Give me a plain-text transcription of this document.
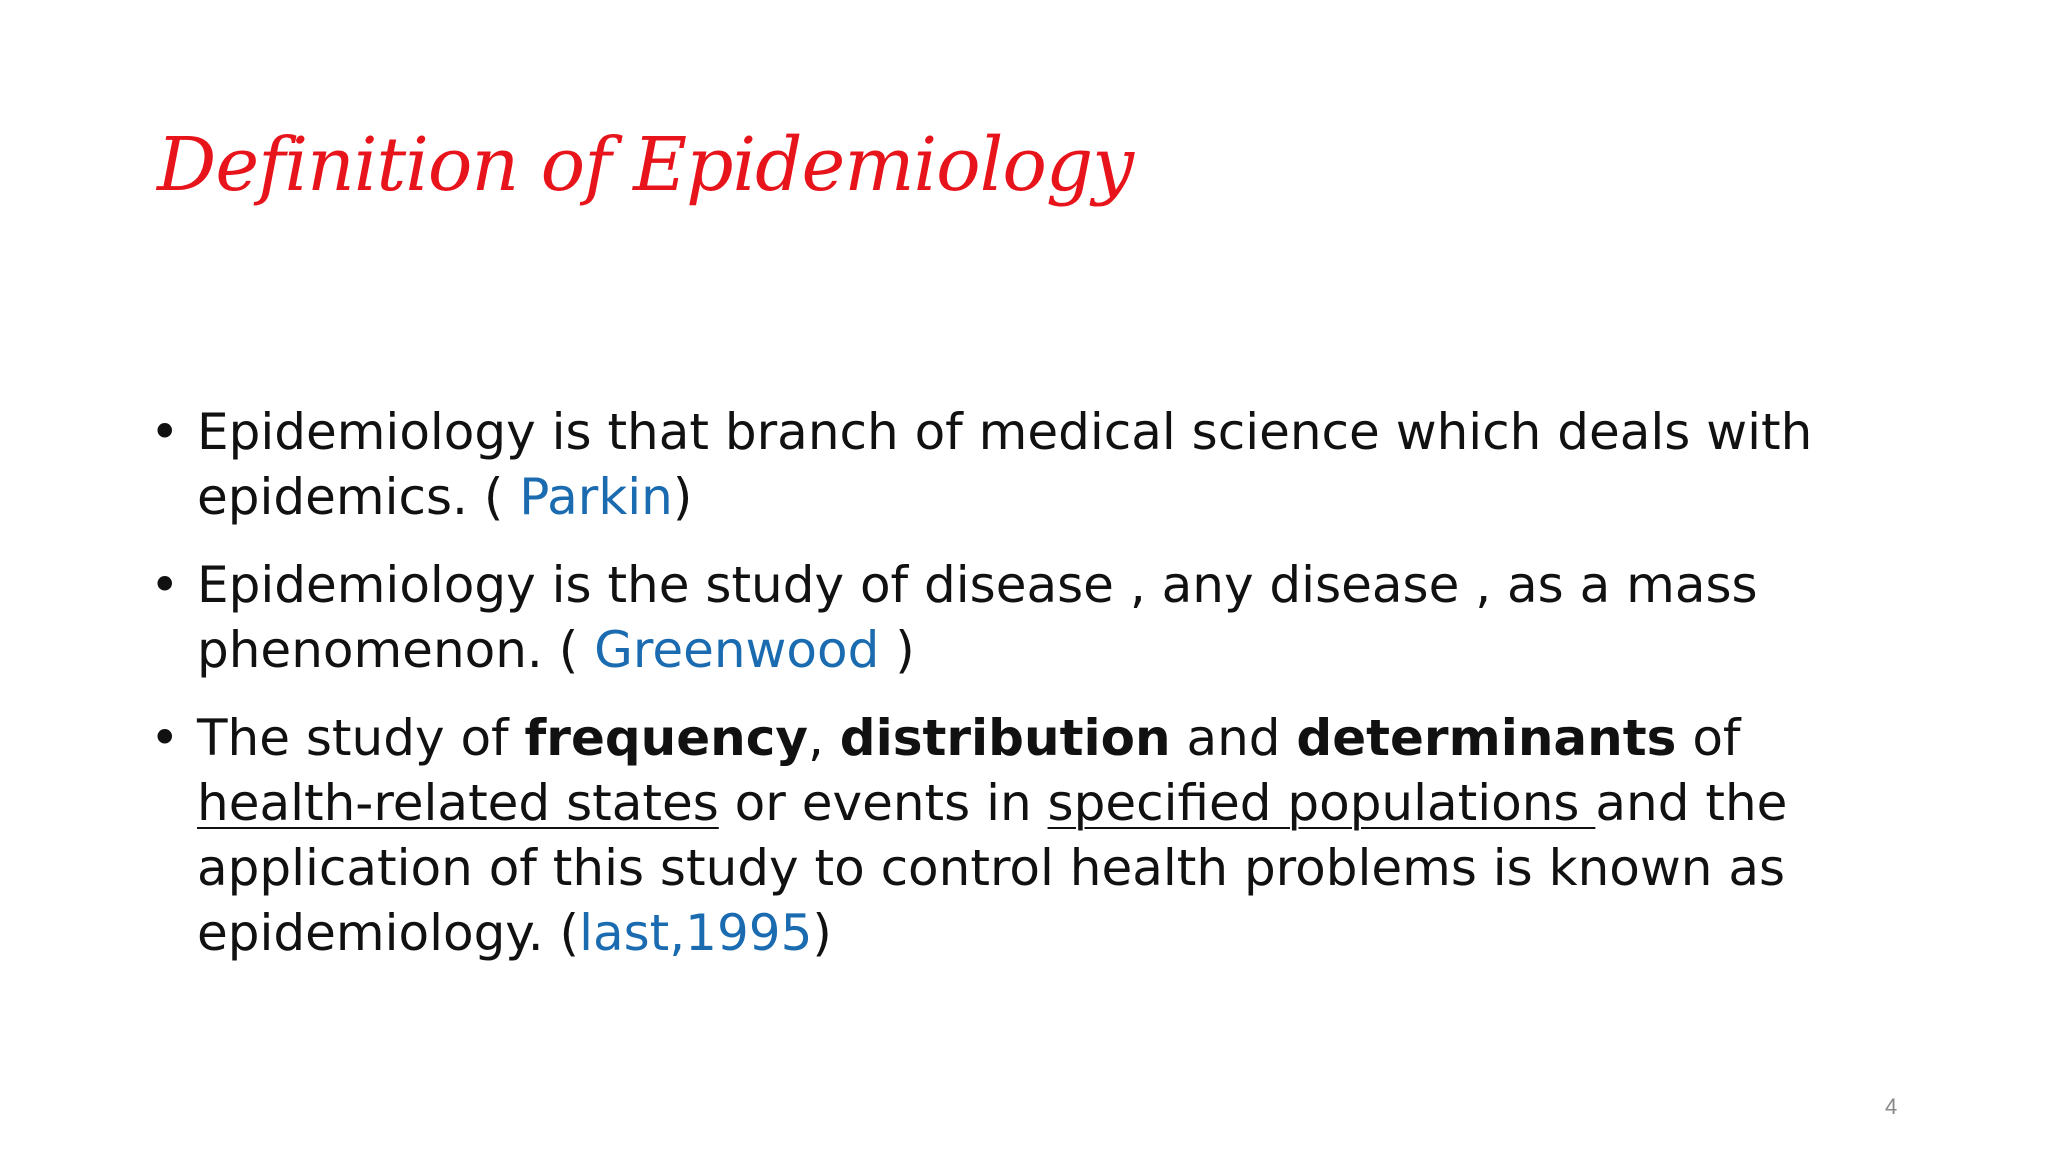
Definition of Epidemiology
• Epidemiology is that branch of medical science which deals with epidemics. ( Parkin)
• Epidemiology is the study of disease , any disease , as a mass phenomenon. ( Greenwood )
• The study of frequency, distribution and determinants of health-related states or events in specified populations and the application of this study to control health problems is known as epidemiology. (last,1995)
4
